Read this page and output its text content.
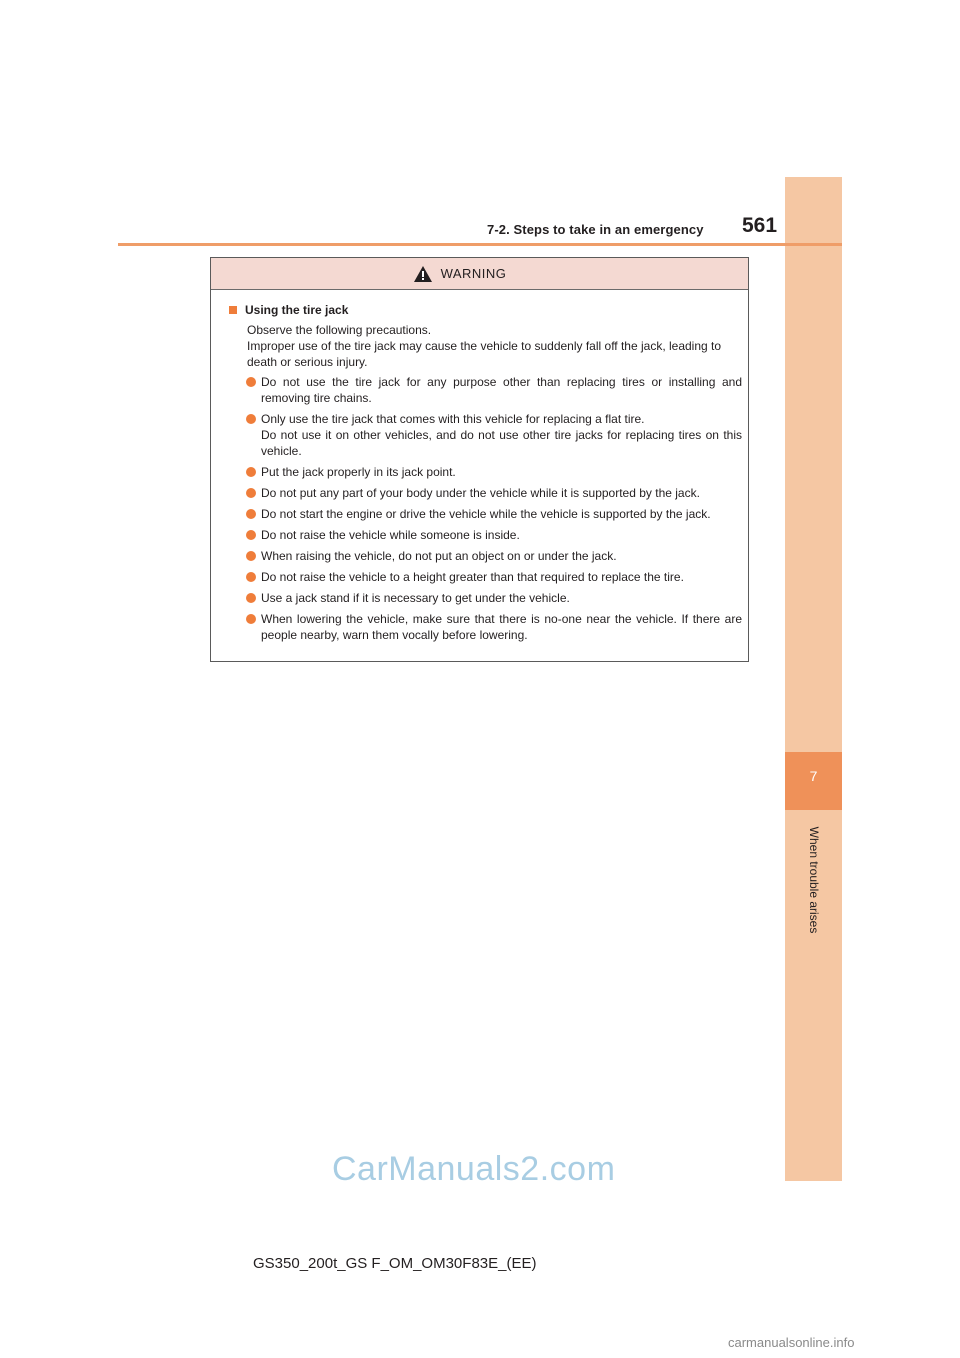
7
When trouble arises
7-2. Steps to take in an emergency 561
WARNING
Using the tire jack
Observe the following precautions.
Improper use of the tire jack may cause the vehicle to suddenly fall off the jack, leading to death or serious injury.
Do not use the tire jack for any purpose other than replacing tires or installing and removing tire chains.
Only use the tire jack that comes with this vehicle for replacing a flat tire.
Do not use it on other vehicles, and do not use other tire jacks for replacing tires on this vehicle.
Put the jack properly in its jack point.
Do not put any part of your body under the vehicle while it is supported by the jack.
Do not start the engine or drive the vehicle while the vehicle is supported by the jack.
Do not raise the vehicle while someone is inside.
When raising the vehicle, do not put an object on or under the jack.
Do not raise the vehicle to a height greater than that required to replace the tire.
Use a jack stand if it is necessary to get under the vehicle.
When lowering the vehicle, make sure that there is no-one near the vehicle. If there are people nearby, warn them vocally before lowering.
CarManuals2.com
GS350_200t_GS F_OM_OM30F83E_(EE)
carmanualsonline.info
